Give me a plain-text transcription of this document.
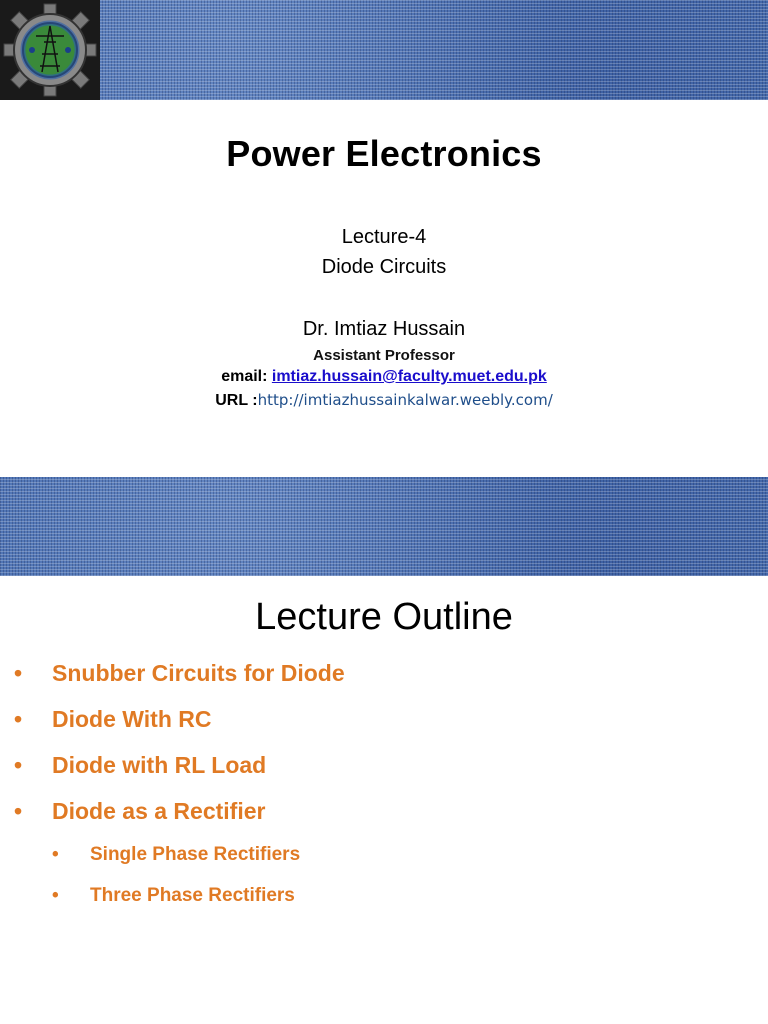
Power Electronics
Lecture-4
Diode Circuits
Dr. Imtiaz Hussain
Assistant Professor
email: imtiaz.hussain@faculty.muet.edu.pk
URL :http://imtiazhussainkalwar.weebly.com/
Lecture Outline
• Snubber Circuits for Diode
• Diode With RC
• Diode with RL Load
• Diode as a Rectifier
• Single Phase Rectifiers
• Three Phase Rectifiers
